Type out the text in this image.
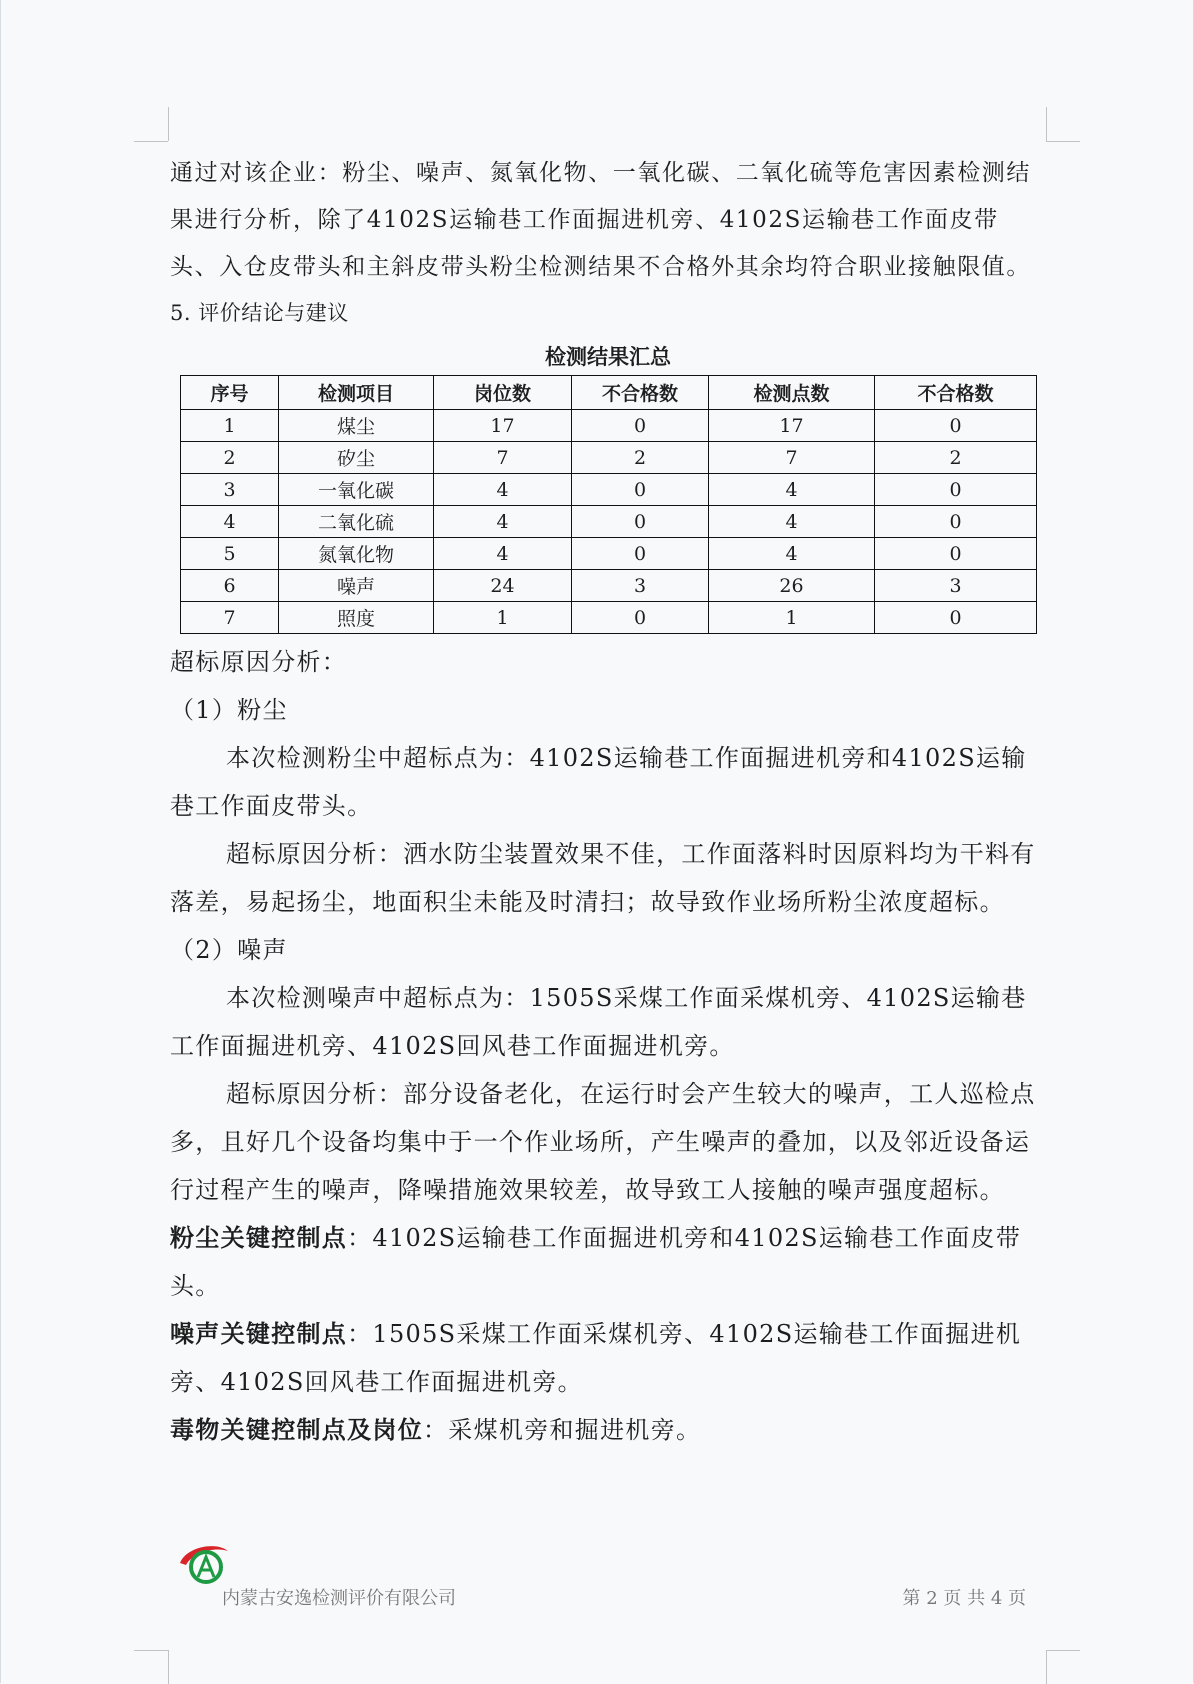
通过对该企业：粉尘、噪声、氮氧化物、一氧化碳、二氧化硫等危害因素检测结果进行分析，除了4102S运输巷工作面掘进机旁、4102S运输巷工作面皮带头、入仓皮带头和主斜皮带头粉尘检测结果不合格外其余均符合职业接触限值。

5. 评价结论与建议

检测结果汇总
序号	检测项目	岗位数	不合格数	检测点数	不合格数
1	煤尘	17	0	17	0
2	矽尘	7	2	7	2
3	一氧化碳	4	0	4	0
4	二氧化硫	4	0	4	0
5	氮氧化物	4	0	4	0
6	噪声	24	3	26	3
7	照度	1	0	1	0

超标原因分析：

（1）粉尘

本次检测粉尘中超标点为：4102S运输巷工作面掘进机旁和4102S运输巷工作面皮带头。

超标原因分析：洒水防尘装置效果不佳，工作面落料时因原料均为干料有落差，易起扬尘，地面积尘未能及时清扫；故导致作业场所粉尘浓度超标。

（2）噪声

本次检测噪声中超标点为：1505S采煤工作面采煤机旁、4102S运输巷工作面掘进机旁、4102S回风巷工作面掘进机旁。

超标原因分析：部分设备老化，在运行时会产生较大的噪声，工人巡检点多，且好几个设备均集中于一个作业场所，产生噪声的叠加，以及邻近设备运行过程产生的噪声，降噪措施效果较差，故导致工人接触的噪声强度超标。

粉尘关键控制点：4102S运输巷工作面掘进机旁和4102S运输巷工作面皮带头。

噪声关键控制点：1505S采煤工作面采煤机旁、4102S运输巷工作面掘进机旁、4102S回风巷工作面掘进机旁。

毒物关键控制点及岗位：采煤机旁和掘进机旁。

内蒙古安逸检测评价有限公司	第 2 页 共 4 页
